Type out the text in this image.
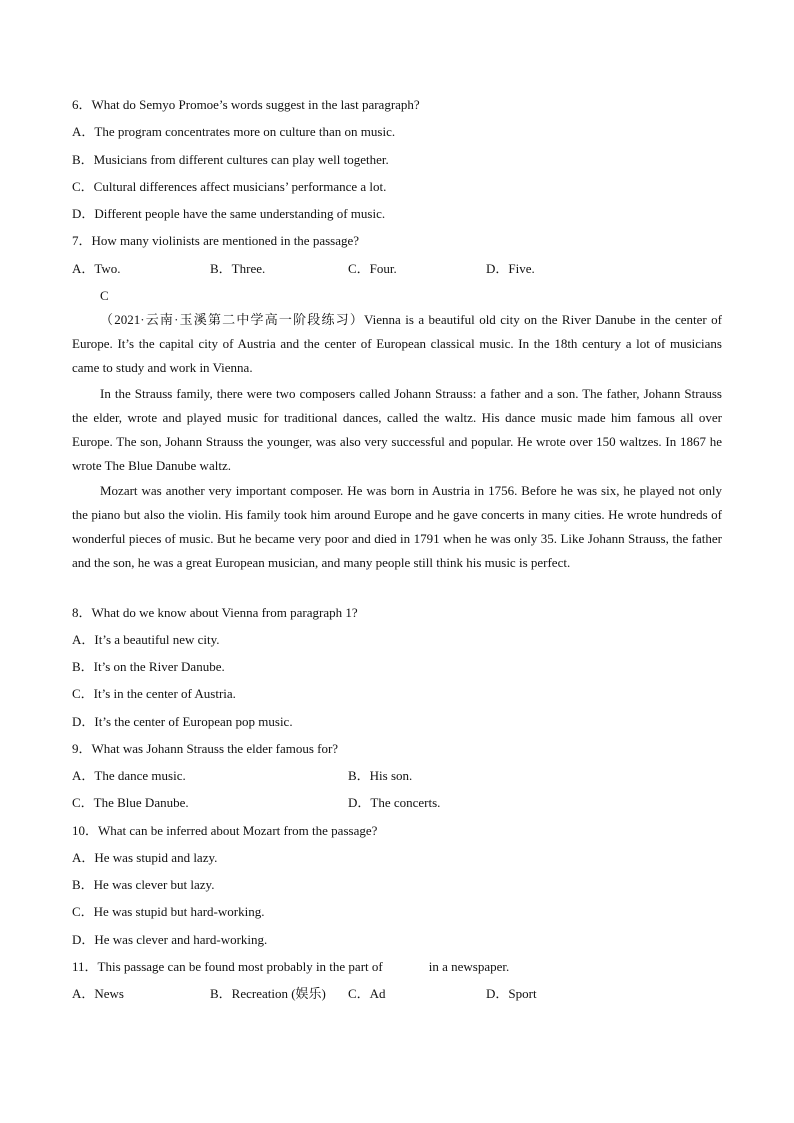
6．What do Semyo Promoe’s words suggest in the last paragraph?
A．The program concentrates more on culture than on music.
B．Musicians from different cultures can play well together.
C．Cultural differences affect musicians’ performance a lot.
D．Different people have the same understanding of music.
7．How many violinists are mentioned in the passage?
A．Two.	B．Three.	C．Four.	D．Five.
C
（2021·云南·玉溪第二中学高一阶段练习）Vienna is a beautiful old city on the River Danube in the center of Europe. It’s the capital city of Austria and the center of European classical music. In the 18th century a lot of musicians came to study and work in Vienna.
In the Strauss family, there were two composers called Johann Strauss: a father and a son. The father, Johann Strauss the elder, wrote and played music for traditional dances, called the waltz. His dance music made him famous all over Europe. The son, Johann Strauss the younger, was also very successful and popular. He wrote over 150 waltzes. In 1867 he wrote The Blue Danube waltz.
Mozart was another very important composer. He was born in Austria in 1756. Before he was six, he played not only the piano but also the violin. His family took him around Europe and he gave concerts in many cities. He wrote hundreds of wonderful pieces of music. But he became very poor and died in 1791 when he was only 35. Like Johann Strauss, the father and the son, he was a great European musician, and many people still think his music is perfect.
8．What do we know about Vienna from paragraph 1?
A．It’s a beautiful new city.
B．It’s on the River Danube.
C．It’s in the center of Austria.
D．It’s the center of European pop music.
9．What was Johann Strauss the elder famous for?
A．The dance music.	B．His son.
C．The Blue Danube.	D．The concerts.
10．What can be inferred about Mozart from the passage?
A．He was stupid and lazy.
B．He was clever but lazy.
C．He was stupid but hard-working.
D．He was clever and hard-working.
11．This passage can be found most probably in the part of	in a newspaper.
A．News	B．Recreation (娱乐) C．Ad	D．Sport
